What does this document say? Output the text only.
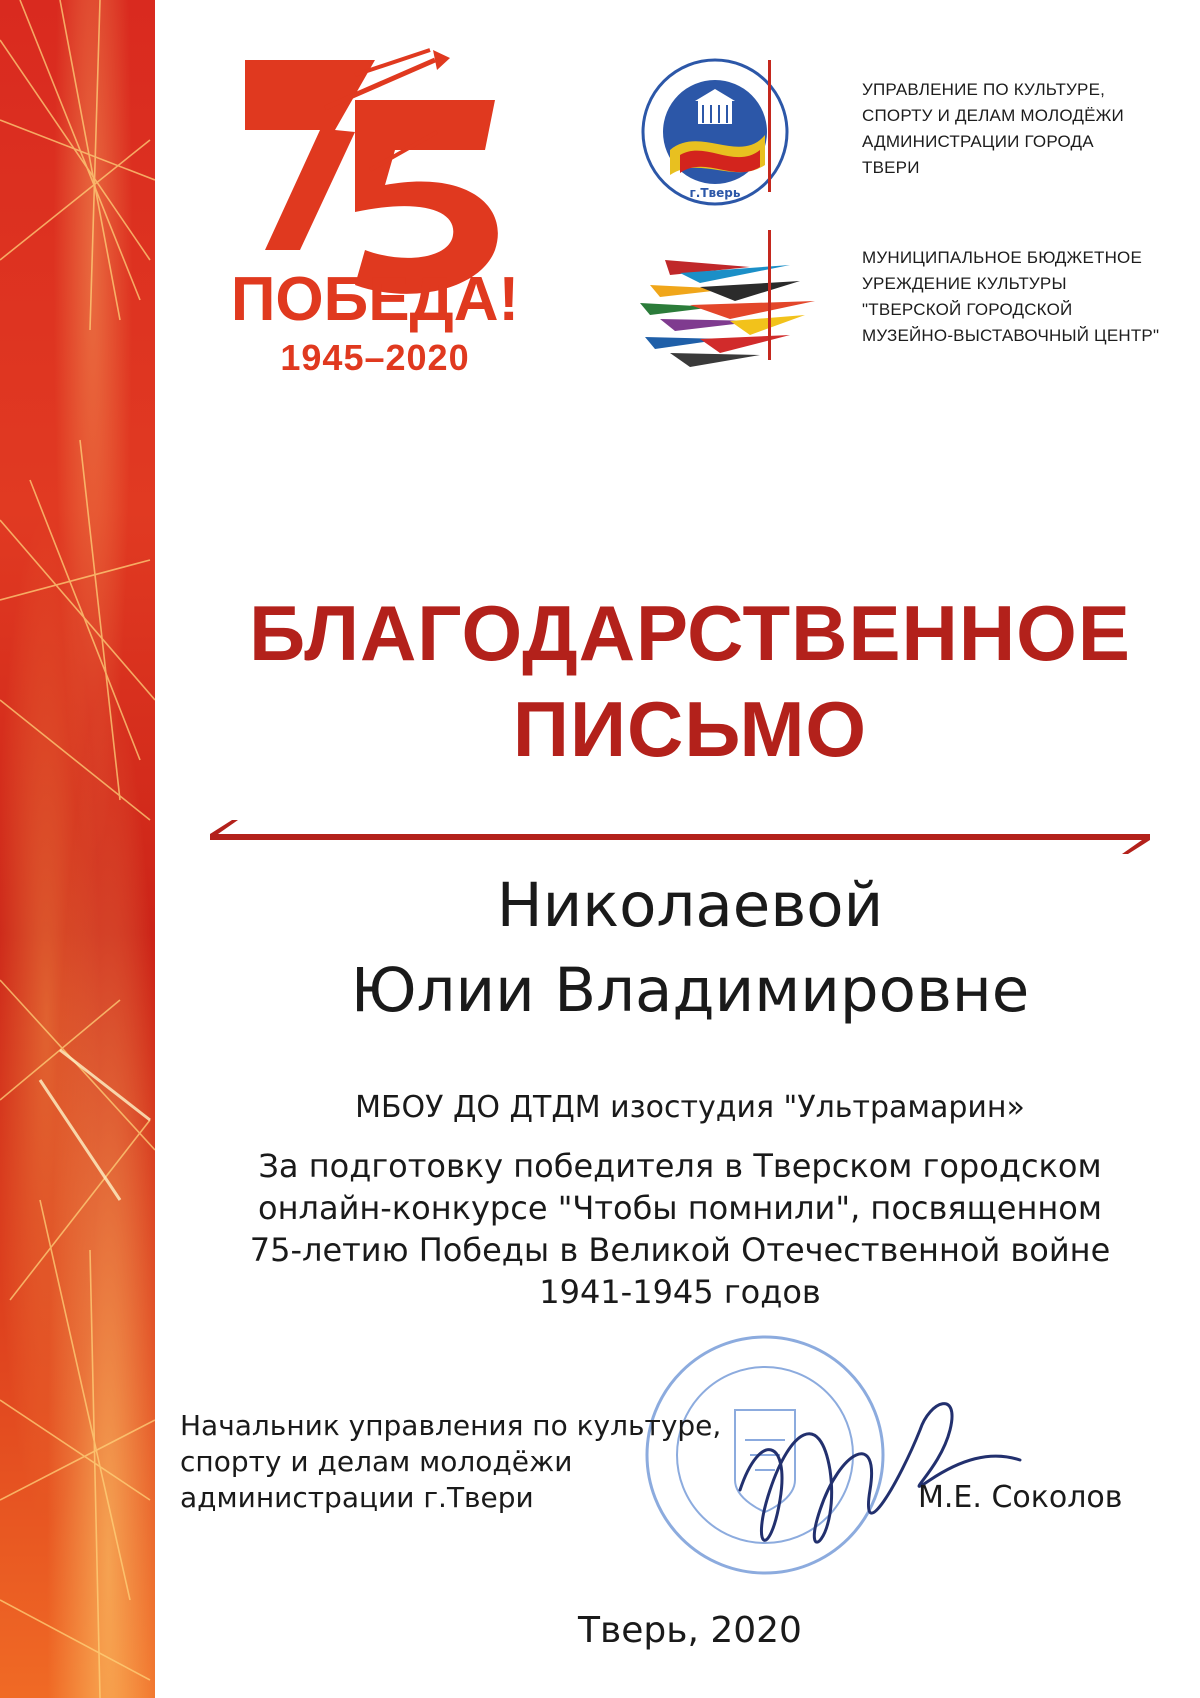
ПОБЕДА!
1945–2020
г.Тверь
УПРАВЛЕНИЕ ПО КУЛЬТУРЕ,
СПОРТУ И ДЕЛАМ МОЛОДЁЖИ
АДМИНИСТРАЦИИ ГОРОДА
ТВЕРИ
МУНИЦИПАЛЬНОЕ БЮДЖЕТНОЕ
УРЕЖДЕНИЕ КУЛЬТУРЫ
"ТВЕРСКОЙ ГОРОДСКОЙ
МУЗЕЙНО-ВЫСТАВОЧНЫЙ ЦЕНТР"
БЛАГОДАРСТВЕННОЕ
ПИСЬМО
Николаевой
Юлии Владимировне
МБОУ ДО ДТДМ изостудия "Ультрамарин»
За подготовку победителя в Тверском городском
онлайн-конкурсе "Чтобы помнили", посвященном
75-летию Победы в Великой Отечественной войне
1941-1945 годов
Начальник управления по культуре,
спорту и делам молодёжи
администрации г.Твери	М.Е. Соколов
Тверь, 2020
